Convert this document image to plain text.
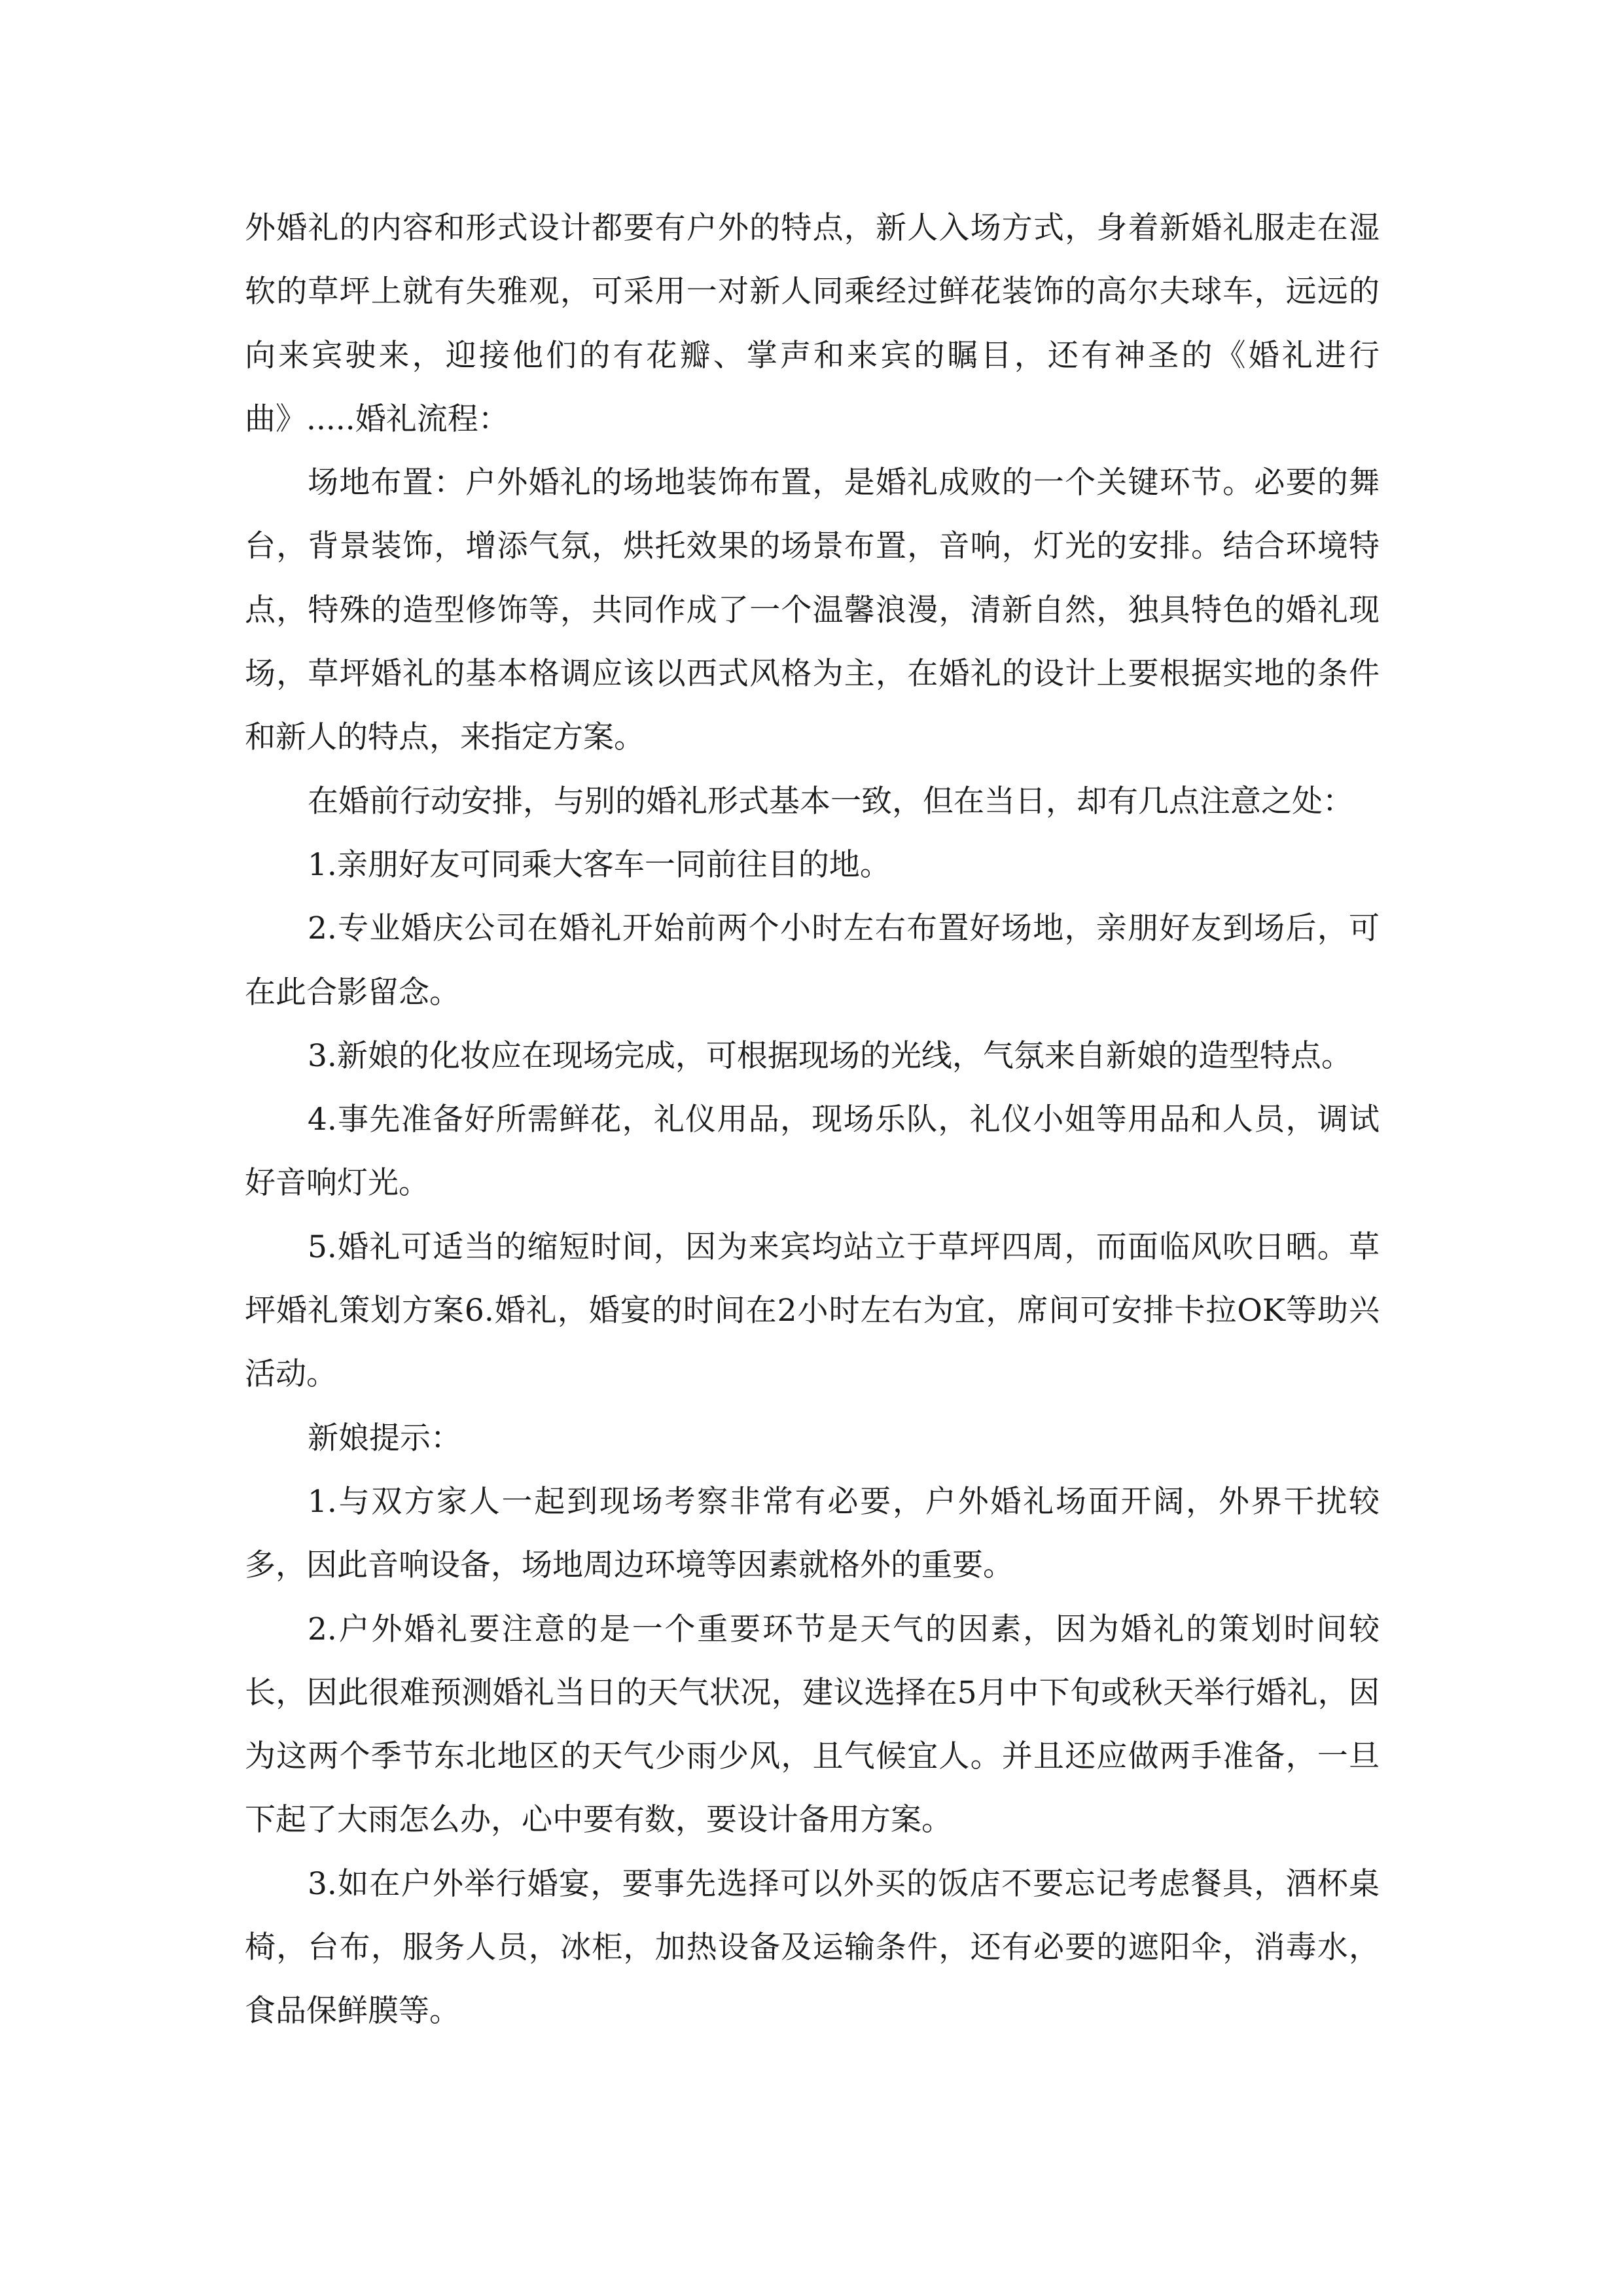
外婚礼的内容和形式设计都要有户外的特点，新人入场方式，身着新婚礼服走在湿软的草坪上就有失雅观，可采用一对新人同乘经过鲜花装饰的高尔夫球车，远远的向来宾驶来，迎接他们的有花瓣、掌声和来宾的瞩目，还有神圣的《婚礼进行曲》.....婚礼流程：

场地布置：户外婚礼的场地装饰布置，是婚礼成败的一个关键环节。必要的舞台，背景装饰，增添气氛，烘托效果的场景布置，音响，灯光的安排。结合环境特点，特殊的造型修饰等，共同作成了一个温馨浪漫，清新自然，独具特色的婚礼现场，草坪婚礼的基本格调应该以西式风格为主，在婚礼的设计上要根据实地的条件和新人的特点，来指定方案。

在婚前行动安排，与别的婚礼形式基本一致，但在当日，却有几点注意之处：

1.亲朋好友可同乘大客车一同前往目的地。

2.专业婚庆公司在婚礼开始前两个小时左右布置好场地，亲朋好友到场后，可在此合影留念。

3.新娘的化妆应在现场完成，可根据现场的光线，气氛来自新娘的造型特点。

4.事先准备好所需鲜花，礼仪用品，现场乐队，礼仪小姐等用品和人员，调试好音响灯光。

5.婚礼可适当的缩短时间，因为来宾均站立于草坪四周，而面临风吹日晒。草坪婚礼策划方案6.婚礼，婚宴的时间在2小时左右为宜，席间可安排卡拉OK等助兴活动。

新娘提示：

1.与双方家人一起到现场考察非常有必要，户外婚礼场面开阔，外界干扰较多，因此音响设备，场地周边环境等因素就格外的重要。

2.户外婚礼要注意的是一个重要环节是天气的因素，因为婚礼的策划时间较长，因此很难预测婚礼当日的天气状况，建议选择在5月中下旬或秋天举行婚礼，因为这两个季节东北地区的天气少雨少风，且气候宜人。并且还应做两手准备，一旦下起了大雨怎么办，心中要有数，要设计备用方案。

3.如在户外举行婚宴，要事先选择可以外买的饭店不要忘记考虑餐具，酒杯桌椅，台布，服务人员，冰柜，加热设备及运输条件，还有必要的遮阳伞，消毒水，食品保鲜膜等。
